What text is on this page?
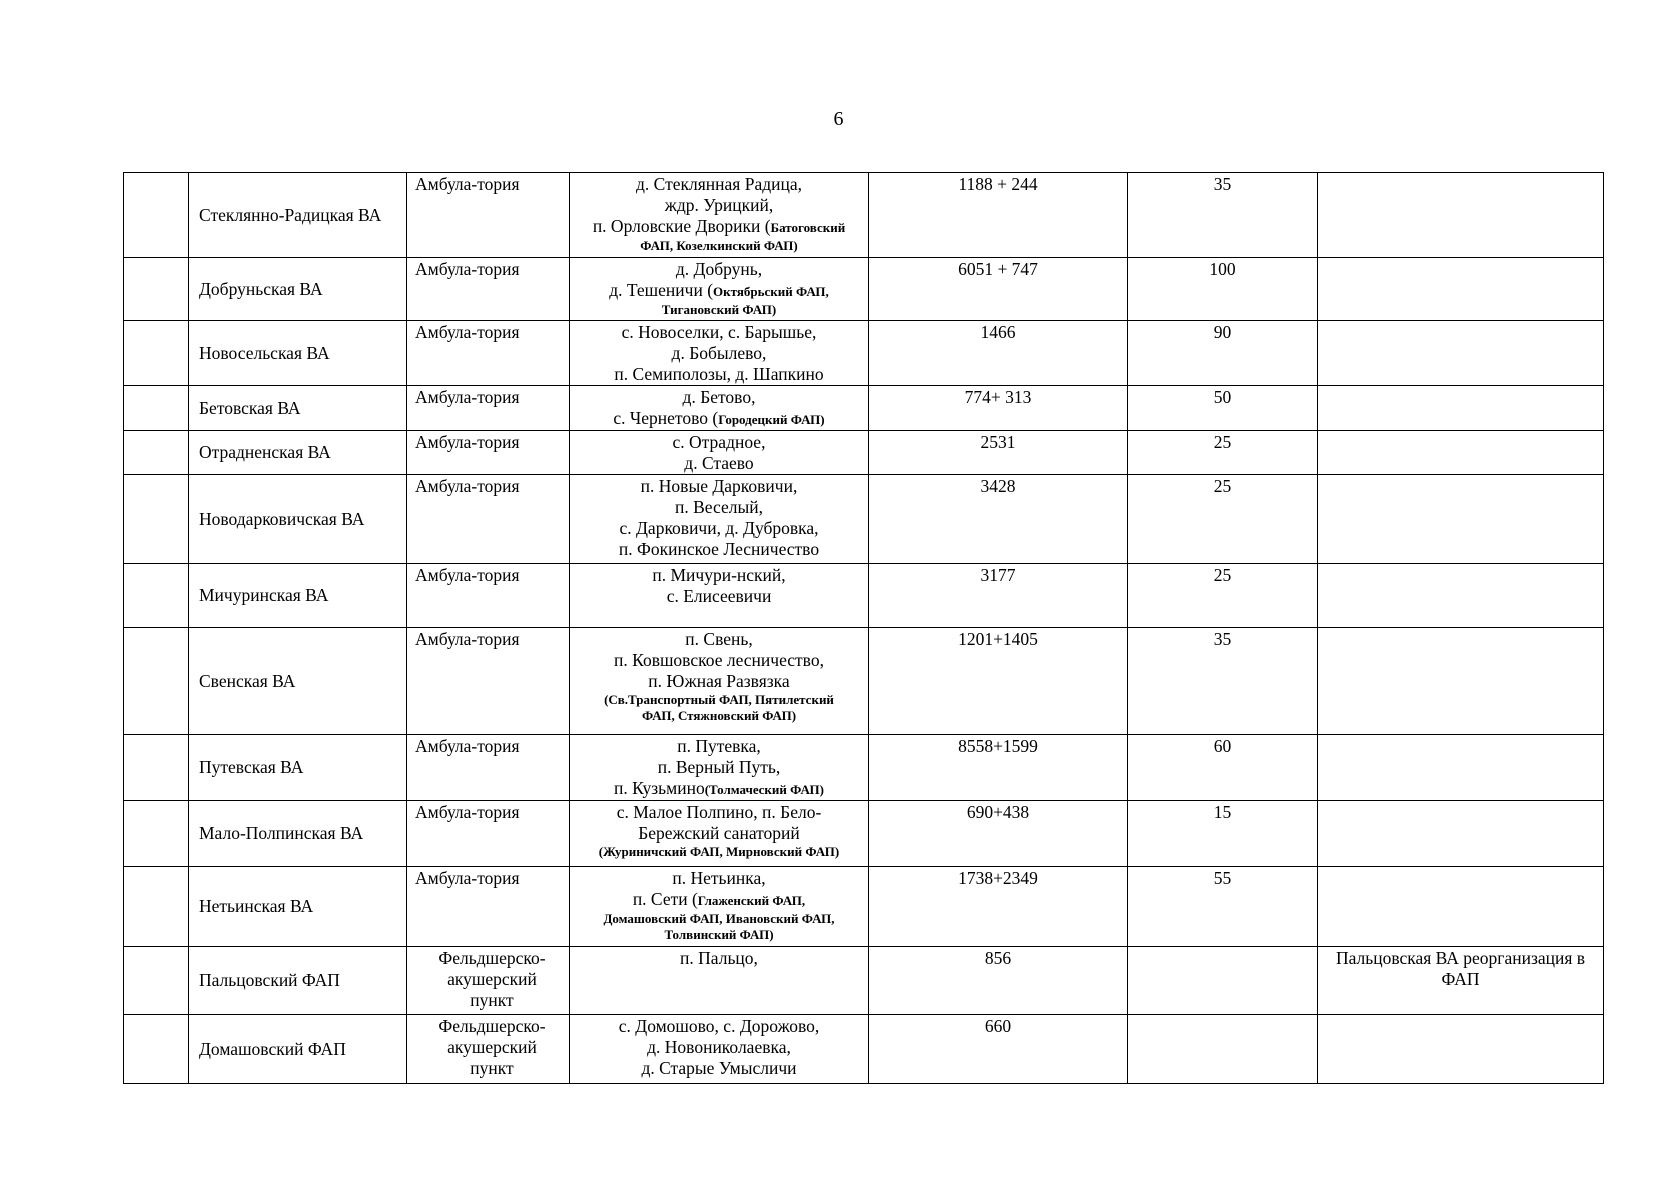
6

	Стеклянно-Радицкая ВА	Амбула-тория	д. Стеклянная Радица,
ждр. Урицкий,
п. Орловские Дворики (Батоговский
ФАП, Козелкинский ФАП)	1188 + 244	35	

	Добруньская ВА	Амбула-тория	д. Добрунь,
д. Тешеничи (Октябрьский ФАП,
Тигановский ФАП)	6051 + 747	100	

	Новосельская ВА	Амбула-тория	с. Новоселки, с. Барышье,
д. Бобылево,
п. Семиполозы, д. Шапкино	1466	90	

	Бетовская ВА	Амбула-тория	д. Бетово,
с. Чернетово (Городецкий ФАП)	774+ 313	50	

	Отрадненская ВА	Амбула-тория	с. Отрадное,
д. Стаево	2531	25	

	Новодарковичская ВА	Амбула-тория	п. Новые Дарковичи,
п. Веселый,
с. Дарковичи, д. Дубровка,
п. Фокинское Лесничество	3428	25	

	Мичуринская ВА	Амбула-тория	п. Мичури-нский,
с. Елисеевичи	3177	25	

	Свенская ВА	Амбула-тория	п. Свень,
п. Ковшовское лесничество,
п. Южная Развязка
(Св.Транспортный ФАП, Пятилетский
ФАП, Стяжновский ФАП)	1201+1405	35	

	Путевская ВА	Амбула-тория	п. Путевка,
п. Верный Путь,
п. Кузьмино(Толмачеcкий ФАП)	8558+1599	60	

	Мало-Полпинская ВА	Амбула-тория	с. Малое Полпино, п. Бело-
Бережский санаторий
(Журиничский ФАП, Мирновский ФАП)	690+438	15	

	Нетьинская ВА	Амбула-тория	п. Нетьинка,
п. Сети (Глаженский ФАП,
Домашовский ФАП, Ивановский ФАП,
Толвинский ФАП)	1738+2349	55	

	Пальцовский ФАП	Фельдшерско-
акушерский
пункт	п. Пальцо,	856		Пальцовская ВА реорганизация в ФАП

	Домашовский ФАП	Фельдшерско-
акушерский
пункт	с. Домошово, с. Дорожово,
д. Новониколаевка,
д. Старые Умысличи	660		
